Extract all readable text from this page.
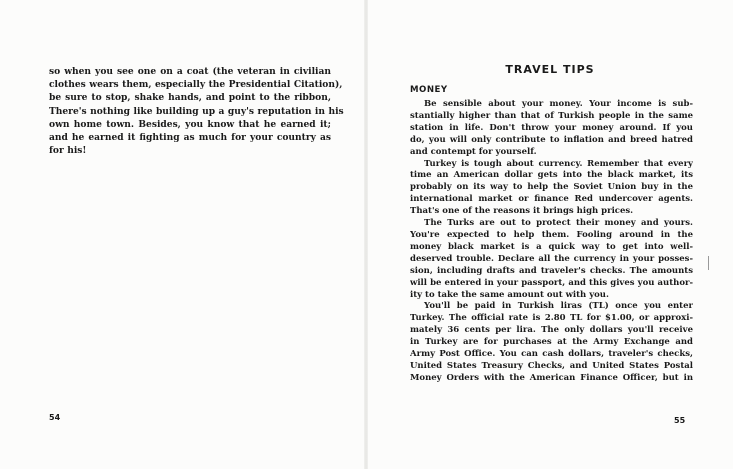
so when you see one on a coat (the veteran in civilian
clothes wears them, especially the Presidential Citation),
be sure to stop, shake hands, and point to the ribbon,
There's nothing like building up a guy's reputation in his
own home town. Besides, you know that he earned it;
and he earned it fighting as much for your country as
for his!
54
TRAVEL TIPS
MONEY
Be sensible about your money. Your income is sub-
stantially higher than that of Turkish people in the same
station in life. Don't throw your money around. If you
do, you will only contribute to inflation and breed hatred
and contempt for yourself.
Turkey is tough about currency. Remember that every
time an American dollar gets into the black market, its
probably on its way to help the Soviet Union buy in the
international market or finance Red undercover agents.
That's one of the reasons it brings high prices.
The Turks are out to protect their money and yours.
You're expected to help them. Fooling around in the
money black market is a quick way to get into well-
deserved trouble. Declare all the currency in your posses-
sion, including drafts and traveler's checks. The amounts
will be entered in your passport, and this gives you author-
ity to take the same amount out with you.
You'll be paid in Turkish liras (TL) once you enter
Turkey. The official rate is 2.80 TL for $1.00, or approxi-
mately 36 cents per lira. The only dollars you'll receive
in Turkey are for purchases at the Army Exchange and
Army Post Office. You can cash dollars, traveler's checks,
United States Treasury Checks, and United States Postal
Money Orders with the American Finance Officer, but in
55
